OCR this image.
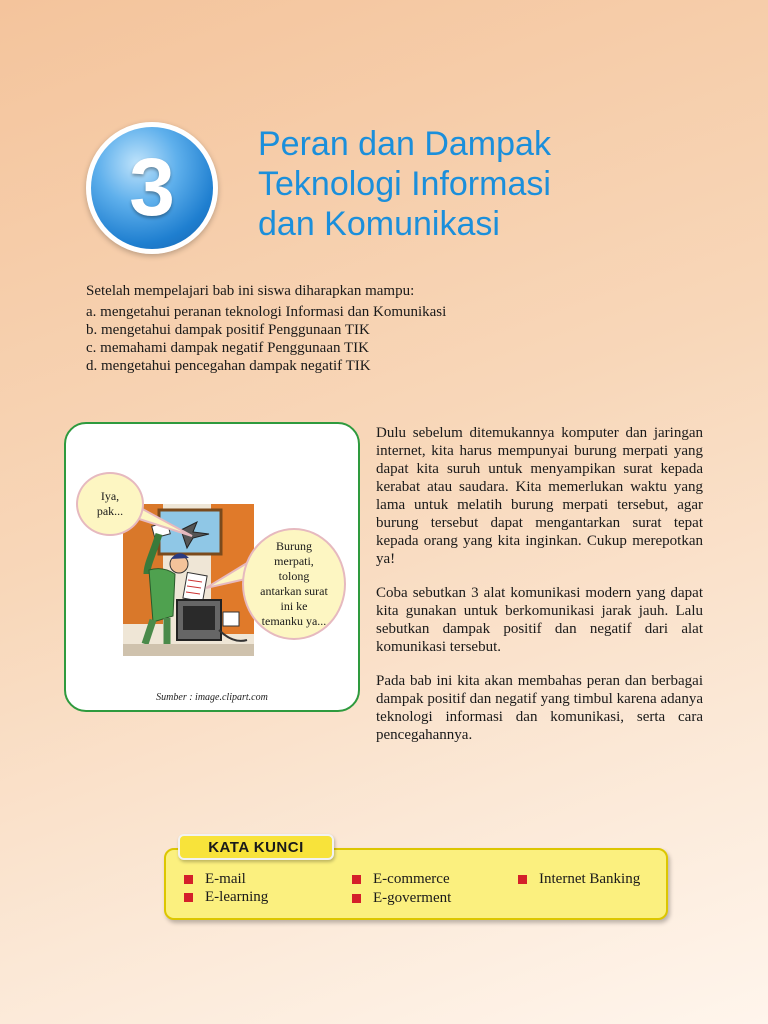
3 Peran dan Dampak
Teknologi Informasi
dan Komunikasi

Setelah mempelajari bab ini siswa diharapkan mampu:

a. mengetahui peranan teknologi Informasi dan Komunikasi

b. mengetahui dampak positif Penggunaan TIK

c. memahami dampak negatif Penggunaan TIK

d. mengetahui pencegahan dampak negatif TIK

Iya,
pak...
Burung
merpati,
tolong
antarkan surat
ini ke
temanku ya...
Sumber : image.clipart.com

Dulu sebelum ditemukannya komputer dan jaringan internet, kita harus mempunyai burung merpati yang dapat kita suruh untuk menyampikan surat kepada kerabat atau saudara. Kita memerlukan waktu yang lama untuk melatih burung merpati tersebut, agar burung tersebut dapat mengantarkan surat tepat kepada orang yang kita inginkan. Cukup merepotkan ya!

Coba sebutkan 3 alat komunikasi modern yang dapat kita gunakan untuk berkomunikasi jarak jauh. Lalu sebutkan dampak positif dan negatif dari alat komunikasi tersebut.

Pada bab ini kita akan membahas peran dan berbagai dampak positif dan negatif yang timbul karena adanya teknologi informasi dan komunikasi, serta cara pencegahannya.

E-mail
E-learning
E-commerce
E-goverment
Internet Banking
KATA KUNCI
